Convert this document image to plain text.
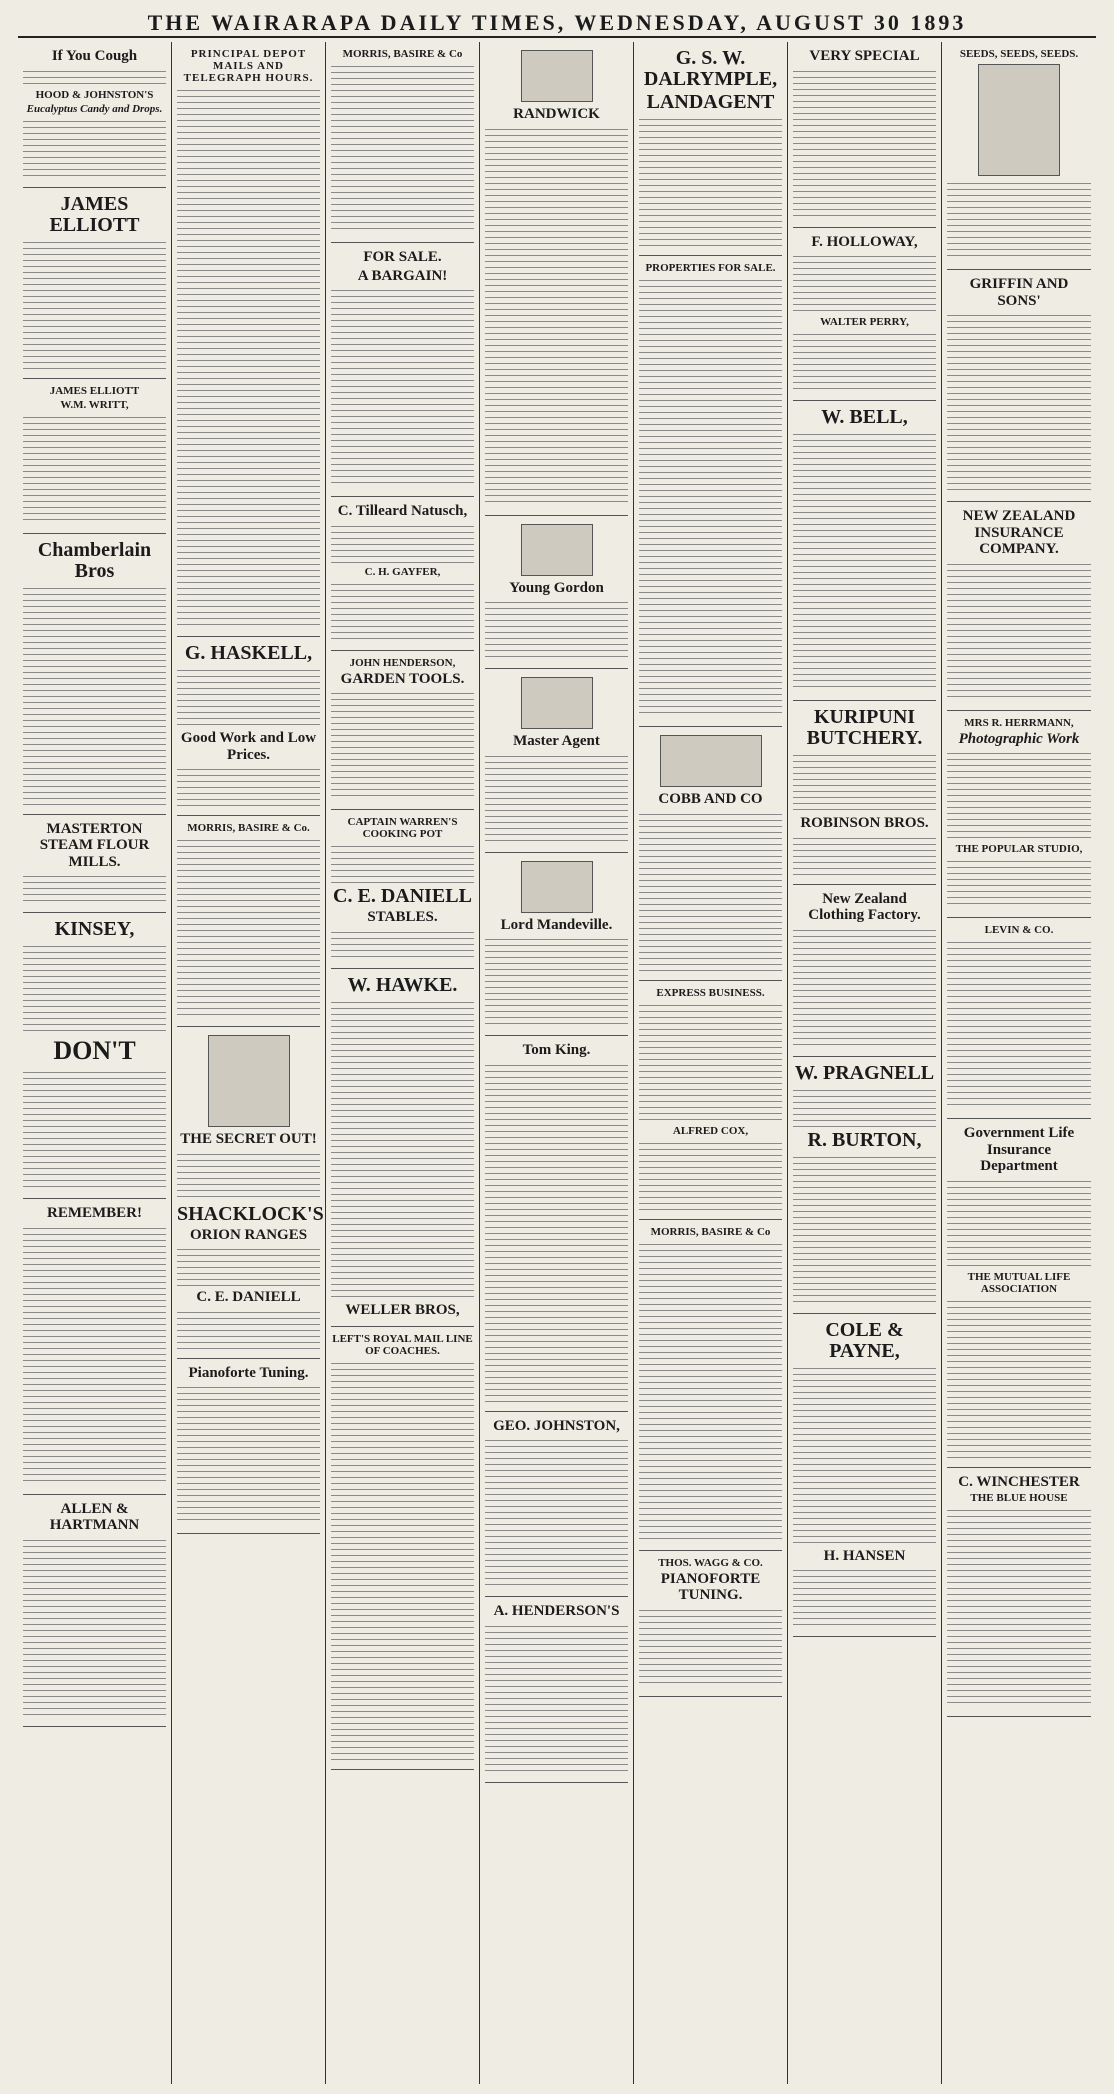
THE WAIRARAPA DAILY TIMES, WEDNESDAY, AUGUST 30 1893
If You Cough
HOOD & JOHNSTON'S
Eucalyptus Candy and Drops.
JAMES ELLIOTT
JAMES ELLIOTT
W.M. WRITT,
Chamberlain Bros
MASTERTON STEAM FLOUR MILLS.
KINSEY,
DON'T
REMEMBER!
ALLEN & HARTMANN
PRINCIPAL DEPOT MAILS AND TELEGRAPH HOURS.
G. HASKELL,
Good Work and Low Prices.
MORRIS, BASIRE & Co.
THE SECRET OUT!
SHACKLOCK'S
ORION RANGES
C. E. DANIELL
Pianoforte Tuning.
MORRIS, BASIRE & Co
FOR SALE.
A BARGAIN!
C. Tilleard Natusch,
C. H. GAYFER,
JOHN HENDERSON,
GARDEN TOOLS.
CAPTAIN WARREN'S COOKING POT
C. E. DANIELL
STABLES.
W. HAWKE.
WELLER BROS,
LEFT'S ROYAL MAIL LINE OF COACHES.
RANDWICK
Young Gordon
Master Agent
Lord Mandeville.
Tom King.
GEO. JOHNSTON,
A. HENDERSON'S
G. S. W. DALRYMPLE,
LANDAGENT
PROPERTIES FOR SALE.
COBB AND CO
EXPRESS BUSINESS.
ALFRED COX,
MORRIS, BASIRE & Co
THOS. WAGG & CO.
PIANOFORTE TUNING.
VERY SPECIAL
F. HOLLOWAY,
WALTER PERRY,
W. BELL,
KURIPUNI BUTCHERY.
ROBINSON BROS.
New Zealand Clothing Factory.
W. PRAGNELL
R. BURTON,
COLE & PAYNE,
H. HANSEN
SEEDS, SEEDS, SEEDS.
GRIFFIN AND SONS'
NEW ZEALAND INSURANCE COMPANY.
MRS R. HERRMANN,
Photographic Work
THE POPULAR STUDIO,
LEVIN & CO.
Government Life Insurance Department
THE MUTUAL LIFE ASSOCIATION
C. WINCHESTER
THE BLUE HOUSE
